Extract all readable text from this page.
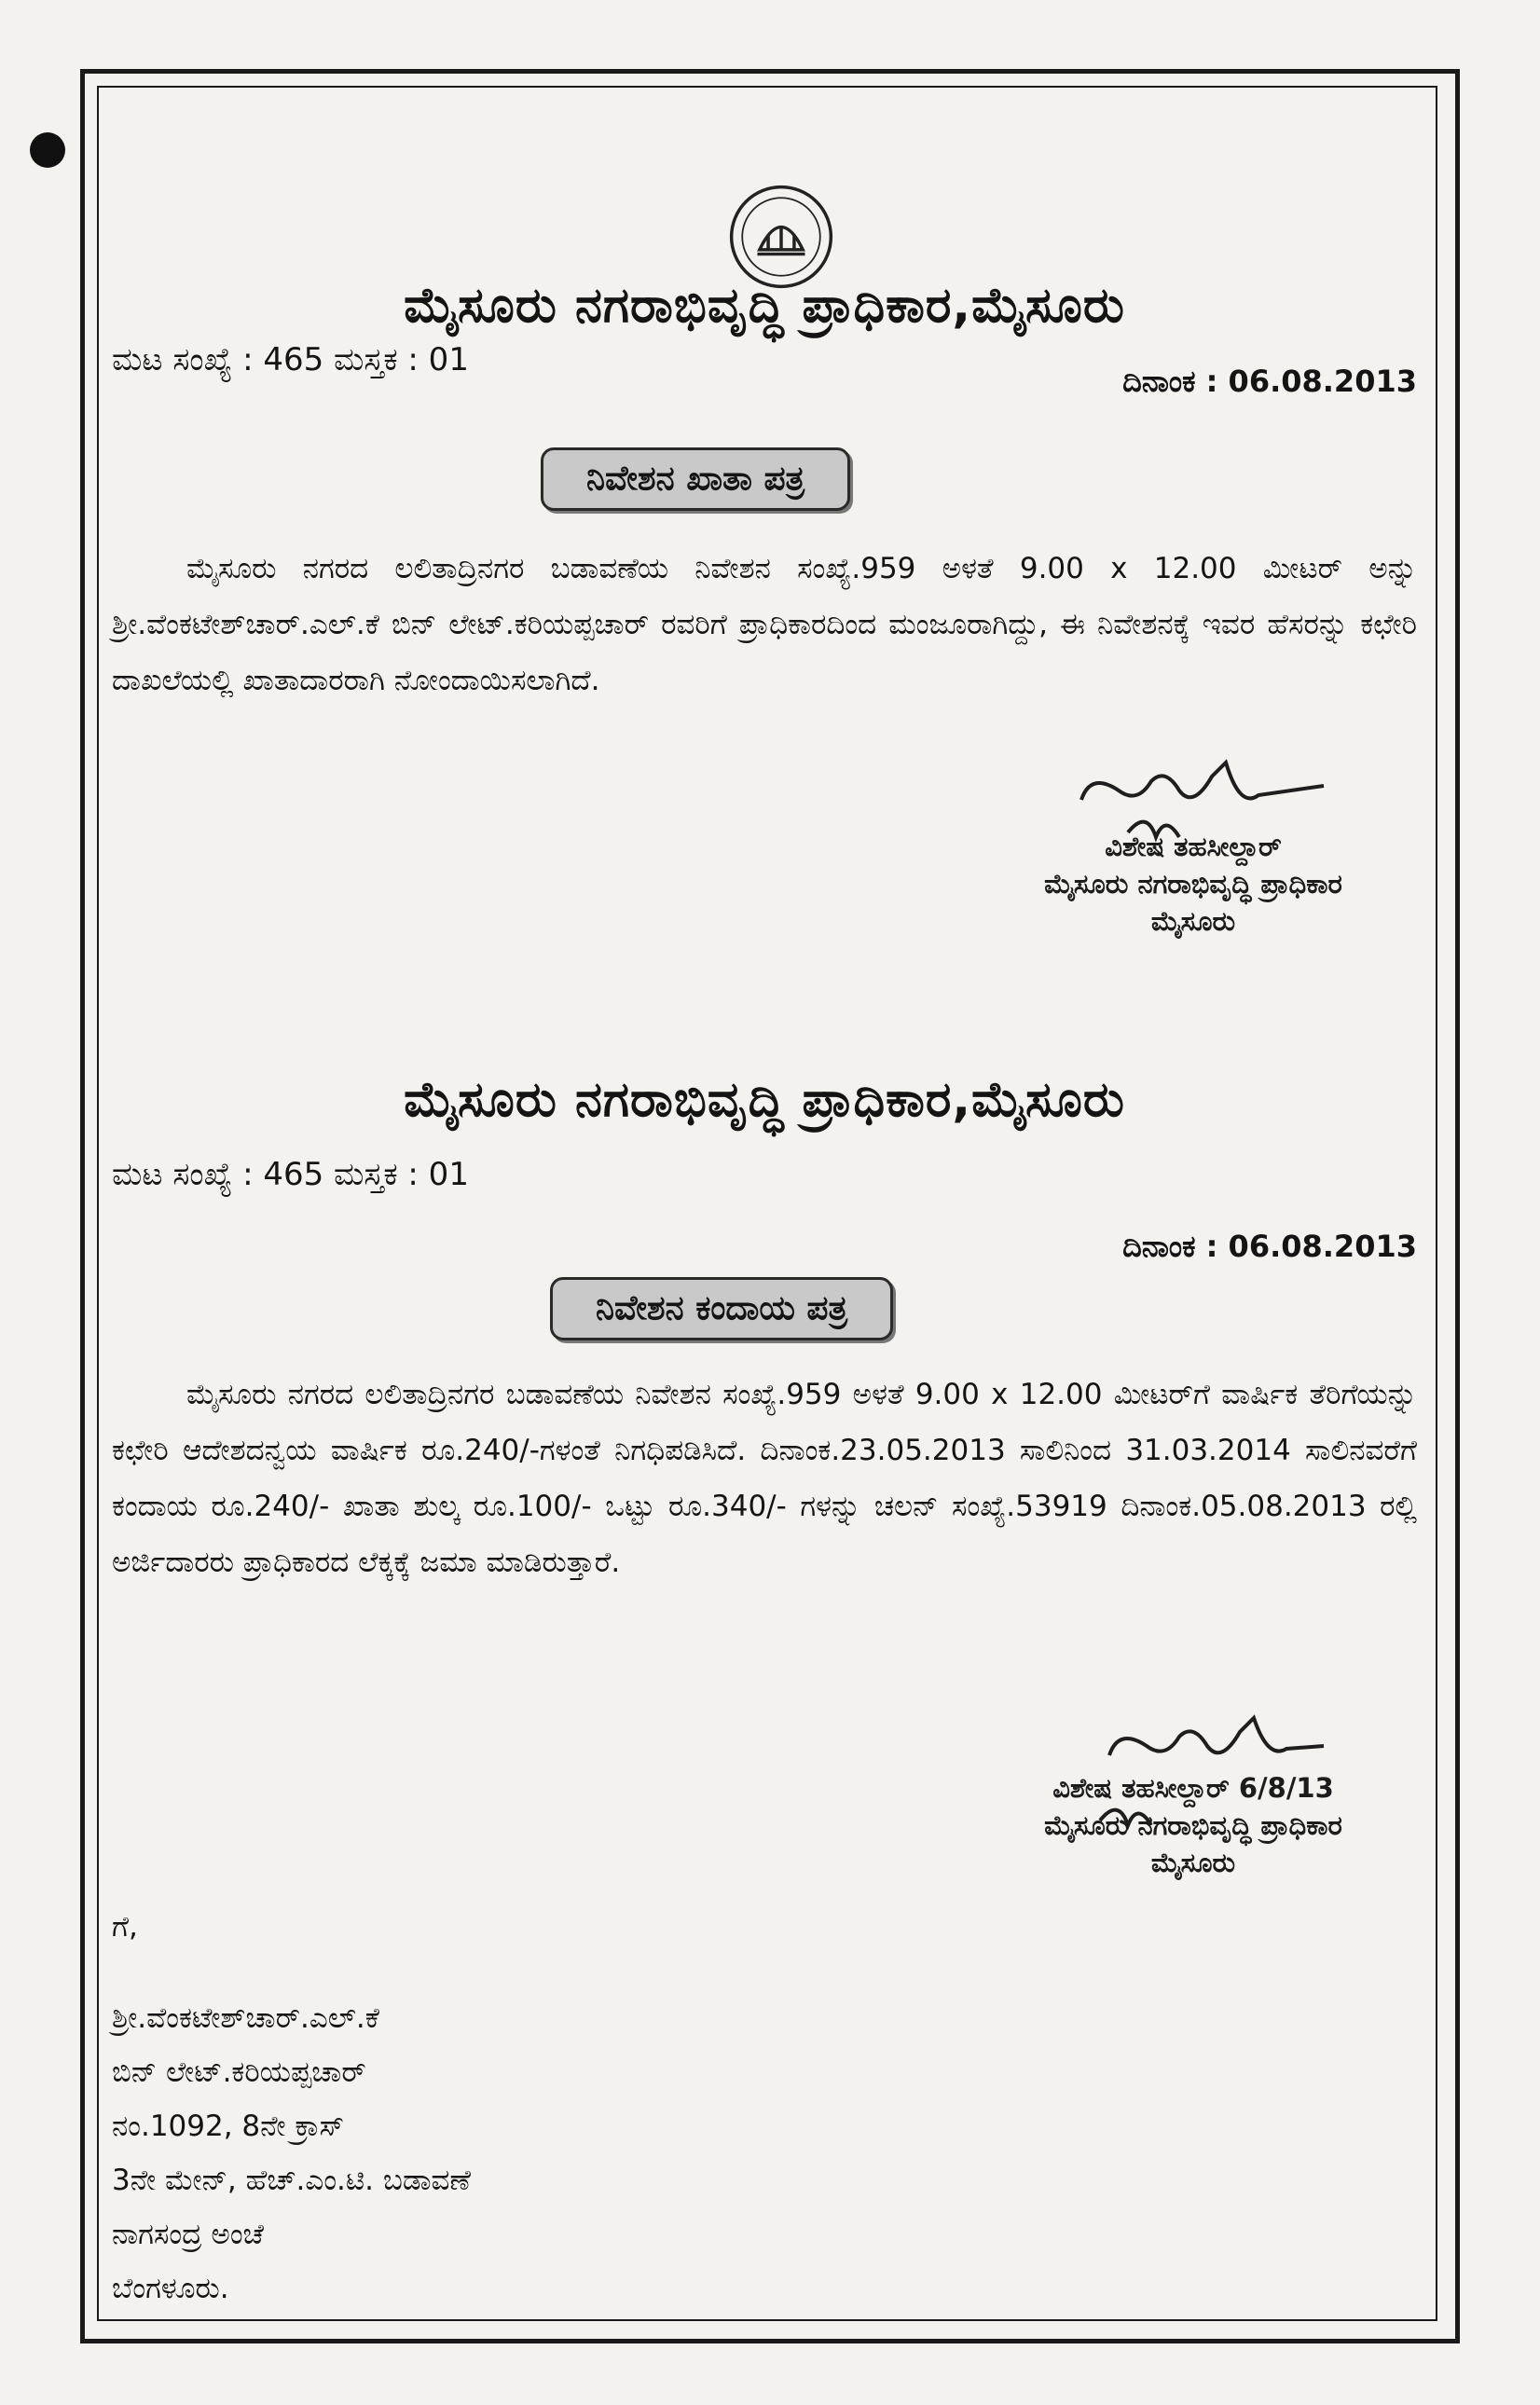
ಮೈಸೂರು ನಗರಾಭಿವೃದ್ಧಿ ಪ್ರಾಧಿಕಾರ,ಮೈಸೂರು
ಮಟ ಸಂಖ್ಯೆ : 465 ಮಸ್ತಕ : 01
ದಿನಾಂಕ : 06.08.2013
ನಿವೇಶನ ಖಾತಾ ಪತ್ರ
ಮೈಸೂರು ನಗರದ ಲಲಿತಾದ್ರಿನಗರ ಬಡಾವಣೆಯ ನಿವೇಶನ ಸಂಖ್ಯೆ.959 ಅಳತೆ 9.00 x 12.00 ಮೀಟರ್ ಅನ್ನು ಶ್ರೀ.ವೆಂಕಟೇಶ್‌ಚಾರ್.ಎಲ್.ಕೆ ಬಿನ್ ಲೇಟ್.ಕರಿಯಪ್ಪಚಾರ್ ರವರಿಗೆ ಪ್ರಾಧಿಕಾರದಿಂದ ಮಂಜೂರಾಗಿದ್ದು, ಈ ನಿವೇಶನಕ್ಕೆ ಇವರ ಹೆಸರನ್ನು ಕಛೇರಿ ದಾಖಲೆಯಲ್ಲಿ ಖಾತಾದಾರರಾಗಿ ನೋಂದಾಯಿಸಲಾಗಿದೆ.
ವಿಶೇಷ ತಹಸೀಲ್ದಾರ್
ಮೈಸೂರು ನಗರಾಭಿವೃದ್ಧಿ ಪ್ರಾಧಿಕಾರ
ಮೈಸೂರು
ಮೈಸೂರು ನಗರಾಭಿವೃದ್ಧಿ ಪ್ರಾಧಿಕಾರ,ಮೈಸೂರು
ಮಟ ಸಂಖ್ಯೆ : 465 ಮಸ್ತಕ : 01
ದಿನಾಂಕ : 06.08.2013
ನಿವೇಶನ ಕಂದಾಯ ಪತ್ರ
ಮೈಸೂರು ನಗರದ ಲಲಿತಾದ್ರಿನಗರ ಬಡಾವಣೆಯ ನಿವೇಶನ ಸಂಖ್ಯೆ.959 ಅಳತೆ 9.00 x 12.00 ಮೀಟರ್‌ಗೆ ವಾರ್ಷಿಕ ತೆರಿಗೆಯನ್ನು ಕಛೇರಿ ಆದೇಶದನ್ವಯ ವಾರ್ಷಿಕ ರೂ.240/-ಗಳಂತೆ ನಿಗಧಿಪಡಿಸಿದೆ. ದಿನಾಂಕ.23.05.2013 ಸಾಲಿನಿಂದ 31.03.2014 ಸಾಲಿನವರೆಗೆ ಕಂದಾಯ ರೂ.240/- ಖಾತಾ ಶುಲ್ಕ ರೂ.100/- ಒಟ್ಟು ರೂ.340/- ಗಳನ್ನು ಚಲನ್ ಸಂಖ್ಯೆ.53919 ದಿನಾಂಕ.05.08.2013 ರಲ್ಲಿ ಅರ್ಜಿದಾರರು ಪ್ರಾಧಿಕಾರದ ಲೆಕ್ಕಕ್ಕೆ ಜಮಾ ಮಾಡಿರುತ್ತಾರೆ.
ವಿಶೇಷ ತಹಸೀಲ್ದಾರ್ 6/8/13
ಮೈಸೂರು ನಗರಾಭಿವೃದ್ಧಿ ಪ್ರಾಧಿಕಾರ
ಮೈಸೂರು
ಗೆ,
ಶ್ರೀ.ವೆಂಕಟೇಶ್‌ಚಾರ್.ಎಲ್.ಕೆ
ಬಿನ್ ಲೇಟ್.ಕರಿಯಪ್ಪಚಾರ್
ನಂ.1092, 8ನೇ ಕ್ರಾಸ್
3ನೇ ಮೇನ್, ಹೆಚ್.ಎಂ.ಟಿ. ಬಡಾವಣೆ
ನಾಗಸಂದ್ರ ಅಂಚೆ
ಬೆಂಗಳೂರು.
